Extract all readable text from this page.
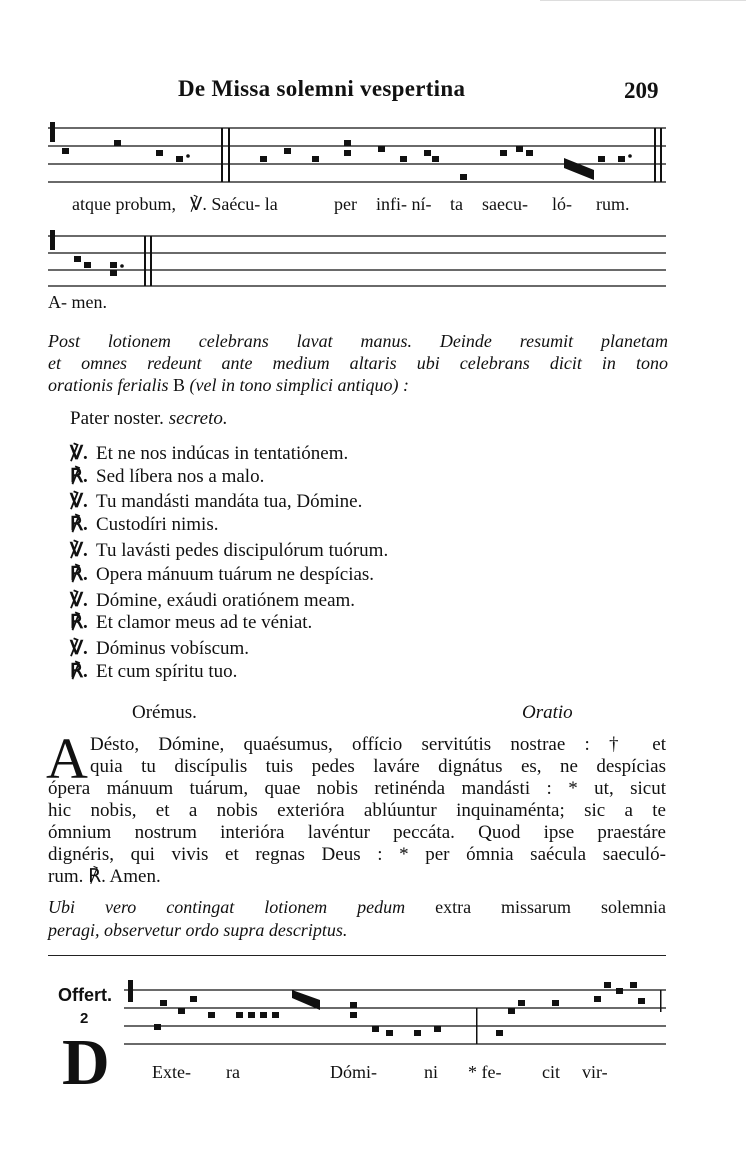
De Missa solemni vespertina	209
atque probum, ℣. Saécu- la	per infi- ní- ta saecu- ló- rum.
A- men.
Post lotionem celebrans lavat manus. Deinde resumit planetam
et omnes redeunt ante medium altaris ubi celebrans dicit in tono
orationis ferialis B (vel in tono simplici antiquo) :
Pater noster. secreto.
℣. Et ne nos indúcas in tentatiónem.
℟. Sed líbera nos a malo.
℣. Tu mandásti mandáta tua, Dómine.
℟. Custodíri nimis.
℣. Tu lavásti pedes discipulórum tuórum.
℟. Opera mánuum tuárum ne despícias.
℣. Dómine, exáudi oratiónem meam.
℟. Et clamor meus ad te véniat.
℣. Dóminus vobíscum.
℟. Et cum spíritu tuo.
Orémus.	Oratio
A Désto, Dómine, quaésumus, offício servitútis nostrae : † et
quia tu discípulis tuis pedes laváre dignátus es, ne despícias
ópera mánuum tuárum, quae nobis retinénda mandásti : * ut, sicut
hic nobis, et a nobis exterióra ablúuntur inquinaménta; sic a te
ómnium nostrum interióra lavéntur peccáta. Quod ipse praestáre
dignéris, qui vivis et regnas Deus : * per ómnia saécula saeculó-
rum. ℟. Amen.
Ubi vero contingat lotionem pedum extra missarum solemnia
peragi, observetur ordo supra descriptus.
Offert.
2
D Exte- ra	Dómi-	ni * fe- cit vir-
